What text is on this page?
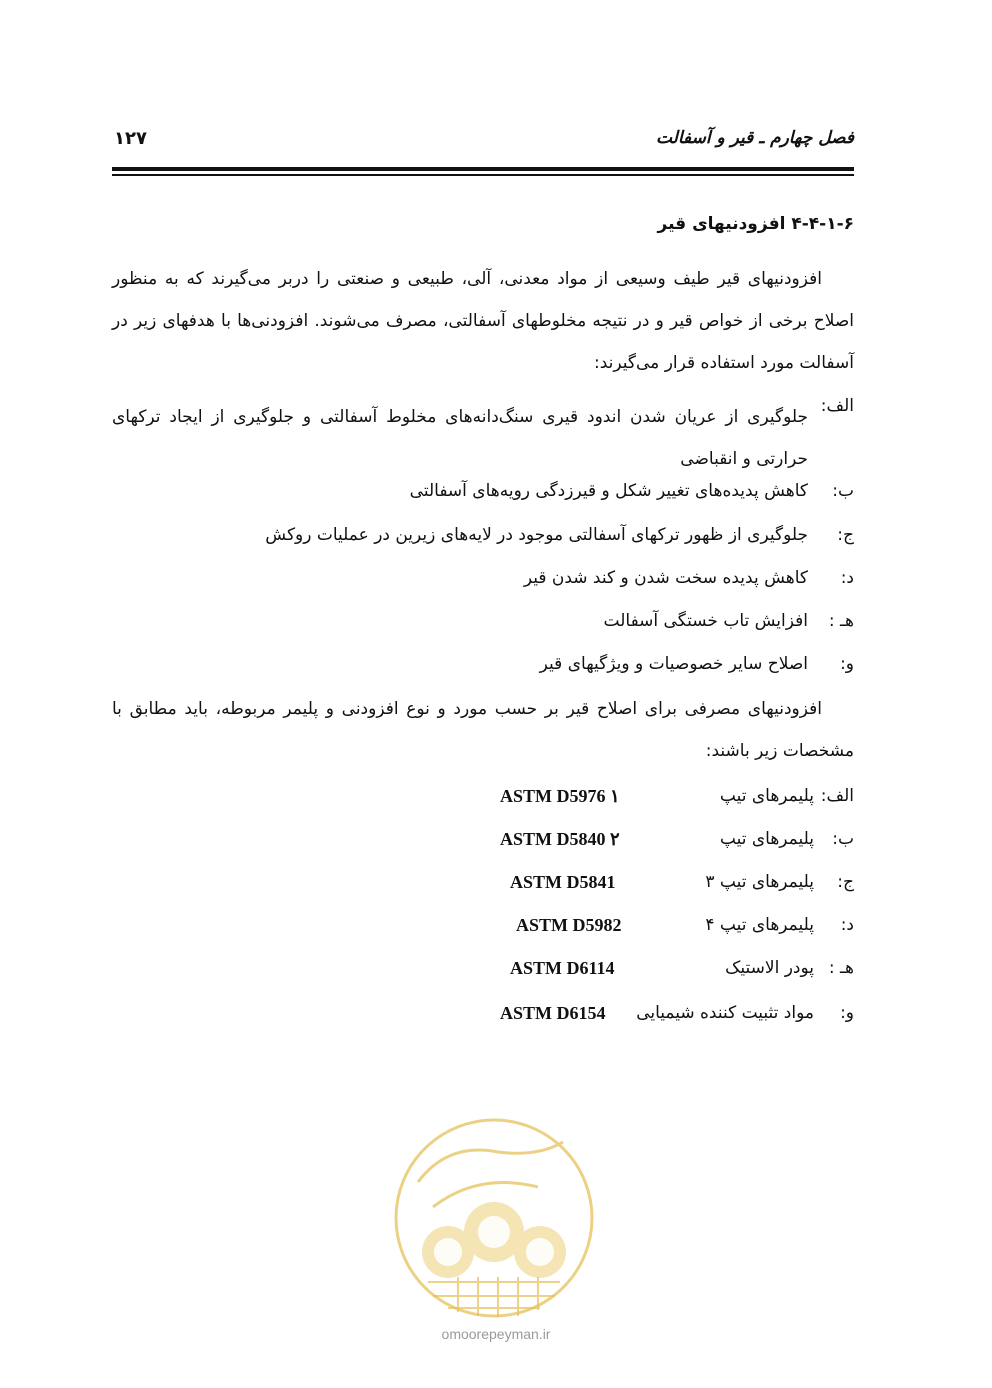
فصل چهارم ـ قیر و آسفالت
۱۲۷
۴-۴-۱-۶ افزودنیهای قیر
افزودنیهای قیر طیف وسیعی از مواد معدنی، آلی، طبیعی و صنعتی را دربر می‌گیرند که به منظور اصلاح برخی از خواص قیر و در نتیجه مخلوطهای آسفالتی، مصرف می‌شوند. افزودنی‌ها با هدفهای زیر در آسفالت مورد استفاده قرار می‌گیرند:
الف:
جلوگیری از عریان شدن اندود قیری سنگ‌دانه‌های مخلوط آسفالتی و جلوگیری از ایجاد ترکهای حرارتی و انقباضی
ب:
کاهش پدیده‌های تغییر شکل و قیرزدگی رویه‌های آسفالتی
ج:
جلوگیری از ظهور ترکهای آسفالتی موجود در لایه‌های زیرین در عملیات روکش
د:
کاهش پدیده سخت شدن و کند شدن قیر
هـ :
افزایش تاب خستگی آسفالت
و:
اصلاح سایر خصوصیات و ویژگیهای قیر
افزودنیهای مصرفی برای اصلاح قیر بر حسب مورد و نوع افزودنی و پلیمر مربوطه، باید مطابق با مشخصات زیر باشند:
الف:
پلیمرهای تیپ
ASTM D5976 ۱
ب:
پلیمرهای تیپ
ASTM D5840 ۲
ج:
پلیمرهای تیپ ۳
ASTM D5841
د:
پلیمرهای تیپ ۴
ASTM D5982
هـ :
پودر الاستیک
ASTM D6114
و:
مواد تثبیت کننده شیمیایی
ASTM D6154
omoorepeyman.ir
